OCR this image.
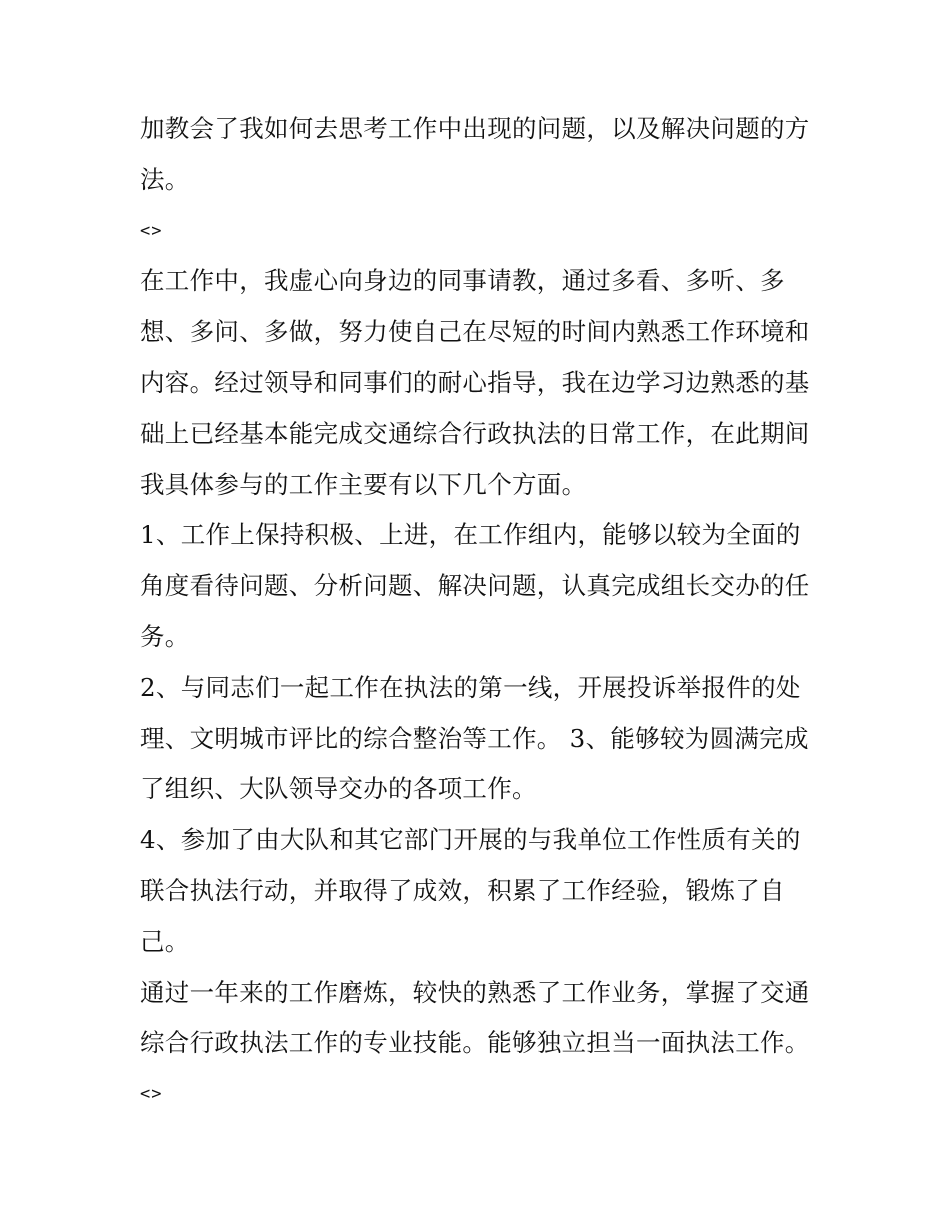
加教会了我如何去思考工作中出现的问题，以及解决问题的方
法。
<>
在工作中，我虚心向身边的同事请教，通过多看、多听、多
想、多问、多做，努力使自己在尽短的时间内熟悉工作环境和
内容。经过领导和同事们的耐心指导，我在边学习边熟悉的基
础上已经基本能完成交通综合行政执法的日常工作，在此期间
我具体参与的工作主要有以下几个方面。
1、工作上保持积极、上进，在工作组内，能够以较为全面的
角度看待问题、分析问题、解决问题，认真完成组长交办的任
务。
2、与同志们一起工作在执法的第一线，开展投诉举报件的处
理、文明城市评比的综合整治等工作。 3、能够较为圆满完成
了组织、大队领导交办的各项工作。
4、参加了由大队和其它部门开展的与我单位工作性质有关的
联合执法行动，并取得了成效，积累了工作经验，锻炼了自
己。
通过一年来的工作磨炼，较快的熟悉了工作业务，掌握了交通
综合行政执法工作的专业技能。能够独立担当一面执法工作。
<>
